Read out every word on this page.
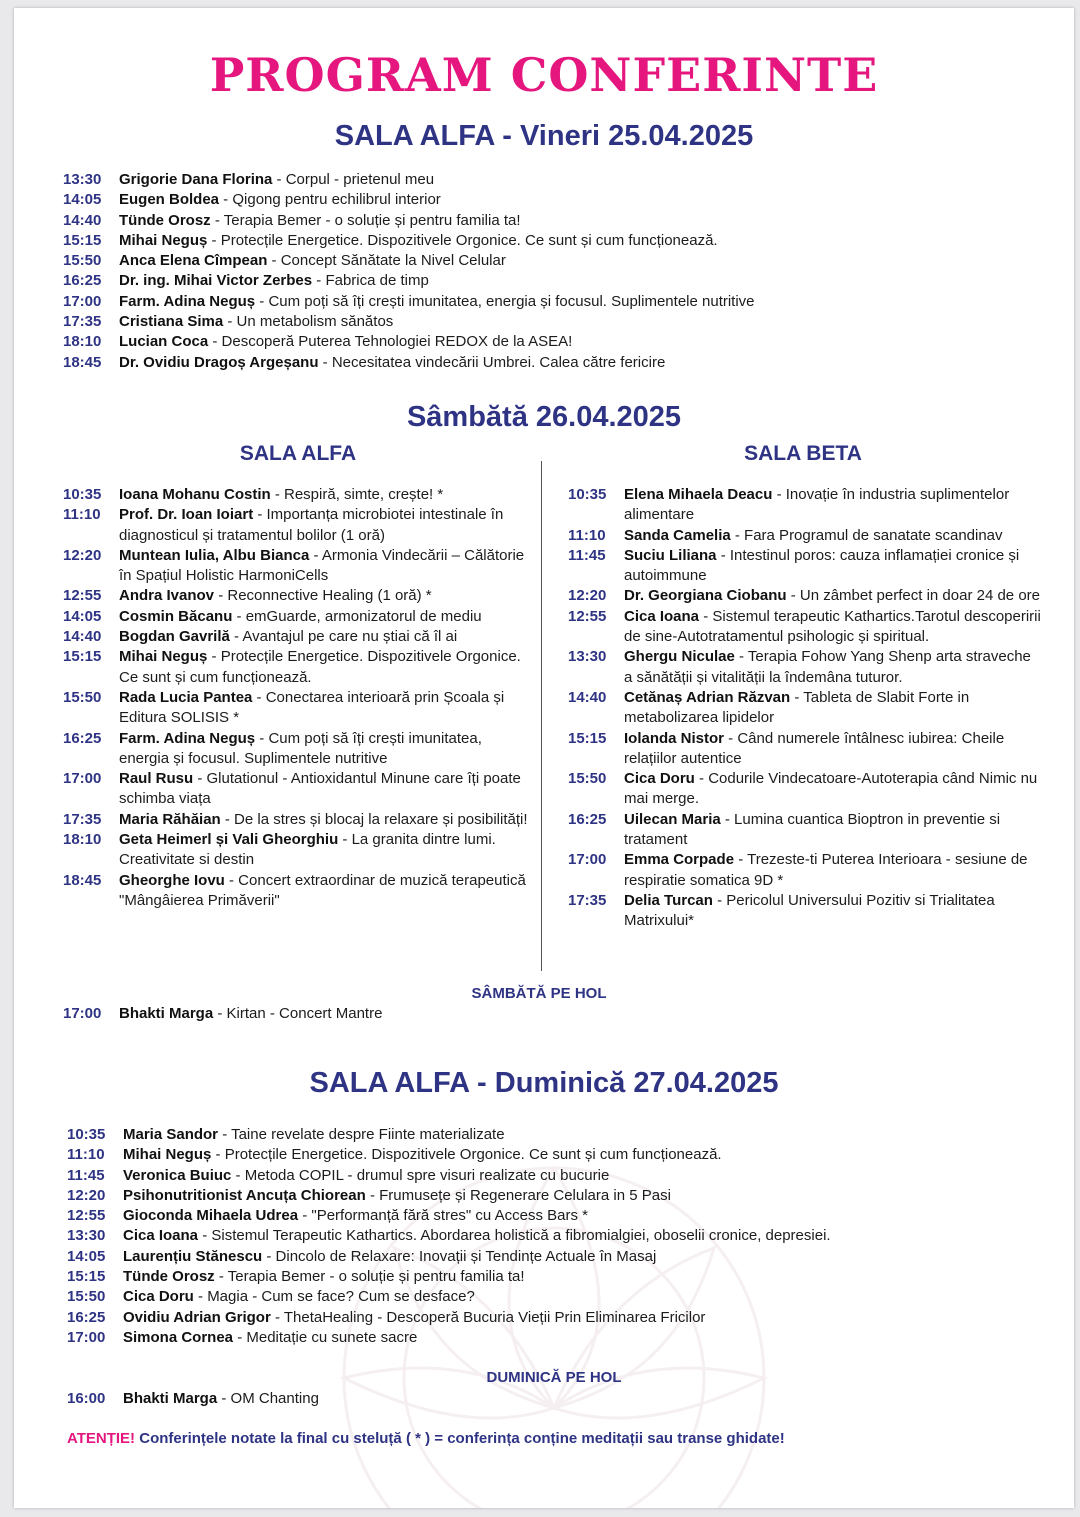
PROGRAM CONFERINTE
SALA ALFA - Vineri 25.04.2025
13:30	Grigorie Dana Florina - Corpul - prietenul meu
14:05	Eugen Boldea - Qigong pentru echilibrul interior
14:40	Tünde Orosz - Terapia Bemer - o soluție și pentru familia ta!
15:15	Mihai Neguș - Protecțile Energetice. Dispozitivele Orgonice. Ce sunt și cum funcționează.
15:50	Anca Elena Cîmpean - Concept Sănătate la Nivel Celular
16:25	Dr. ing. Mihai Victor Zerbes - Fabrica de timp
17:00	Farm. Adina Neguș - Cum poți să îți crești imunitatea, energia și focusul. Suplimentele nutritive
17:35	Cristiana Sima - Un metabolism sănătos
18:10	Lucian Coca - Descoperă Puterea Tehnologiei REDOX de la ASEA!
18:45	Dr. Ovidiu Dragoș Argeșanu - Necesitatea vindecării Umbrei. Calea către fericire
Sâmbătă 26.04.2025
SALA ALFA	SALA BETA
10:35	Ioana Mohanu Costin - Respiră, simte, crește! *
11:10	Prof. Dr. Ioan Ioiart - Importanța microbiotei intestinale în diagnosticul și tratamentul bolilor (1 oră)
12:20	Muntean Iulia, Albu Bianca - Armonia Vindecării – Călătorie în Spațiul Holistic HarmoniCells
12:55	Andra Ivanov - Reconnective Healing (1 oră) *
14:05	Cosmin Băcanu - emGuarde, armonizatorul de mediu
14:40	Bogdan Gavrilă - Avantajul pe care nu știai că îl ai
15:15	Mihai Neguș - Protecțile Energetice. Dispozitivele Orgonice. Ce sunt și cum funcționează.
15:50	Rada Lucia Pantea - Conectarea interioară prin Școala și Editura SOLISIS *
16:25	Farm. Adina Neguș - Cum poți să îți crești imunitatea, energia și focusul. Suplimentele nutritive
17:00	Raul Rusu - Glutationul - Antioxidantul Minune care îți poate schimba viața
17:35	Maria Răhăian - De la stres și blocaj la relaxare și posibilități!
18:10	Geta Heimerl și Vali Gheorghiu - La granita dintre lumi. Creativitate si destin
18:45	Gheorghe Iovu - Concert extraordinar de muzică terapeutică "Mângâierea Primăverii"
10:35	Elena Mihaela Deacu - Inovație în industria suplimentelor alimentare
11:10	Sanda Camelia - Fara Programul de sanatate scandinav
11:45	Suciu Liliana - Intestinul poros: cauza inflamației cronice și autoimmune
12:20	Dr. Georgiana Ciobanu - Un zâmbet perfect in doar 24 de ore
12:55	Cica Ioana - Sistemul terapeutic Kathartics.Tarotul descoperirii de sine-Autotratamentul psihologic și spiritual.
13:30	Ghergu Niculae - Terapia Fohow Yang Shenp arta straveche a sănătății și vitalității la îndemâna tuturor.
14:40	Cetănaș Adrian Răzvan - Tableta de Slabit Forte in metabolizarea lipidelor
15:15	Iolanda Nistor - Când numerele întâlnesc iubirea: Cheile relațiilor autentice
15:50	Cica Doru - Codurile Vindecatoare-Autoterapia când Nimic nu mai merge.
16:25	Uilecan Maria - Lumina cuantica Bioptron in preventie si tratament
17:00	Emma Corpade - Trezeste-ti Puterea Interioara - sesiune de respiratie somatica 9D *
17:35	Delia Turcan - Pericolul Universului Pozitiv si Trialitatea Matrixului*
SÂMBĂTĂ PE HOL
17:00	Bhakti Marga - Kirtan - Concert Mantre
SALA ALFA - Duminică 27.04.2025
10:35	Maria Sandor - Taine revelate despre Fiinte materializate
11:10	Mihai Neguș - Protecțile Energetice. Dispozitivele Orgonice. Ce sunt și cum funcționează.
11:45	Veronica Buiuc - Metoda COPIL - drumul spre visuri realizate cu bucurie
12:20	Psihonutritionist Ancuța Chiorean - Frumusețe și Regenerare Celulara in 5 Pasi
12:55	Gioconda Mihaela Udrea - "Performanță fără stres" cu Access Bars *
13:30	Cica Ioana - Sistemul Terapeutic Kathartics. Abordarea holistică a fibromialgiei, oboselii cronice, depresiei.
14:05	Laurențiu Stănescu - Dincolo de Relaxare: Inovații și Tendințe Actuale în Masaj
15:15	Tünde Orosz - Terapia Bemer - o soluție și pentru familia ta!
15:50	Cica Doru - Magia - Cum se face? Cum se desface?
16:25	Ovidiu Adrian Grigor - ThetaHealing - Descoperă Bucuria Vieții Prin Eliminarea Fricilor
17:00	Simona Cornea - Meditație cu sunete sacre
DUMINICĂ PE HOL
16:00	Bhakti Marga - OM Chanting

ATENȚIE! Conferințele notate la final cu steluță ( * ) = conferința conține meditații sau transe ghidate!
